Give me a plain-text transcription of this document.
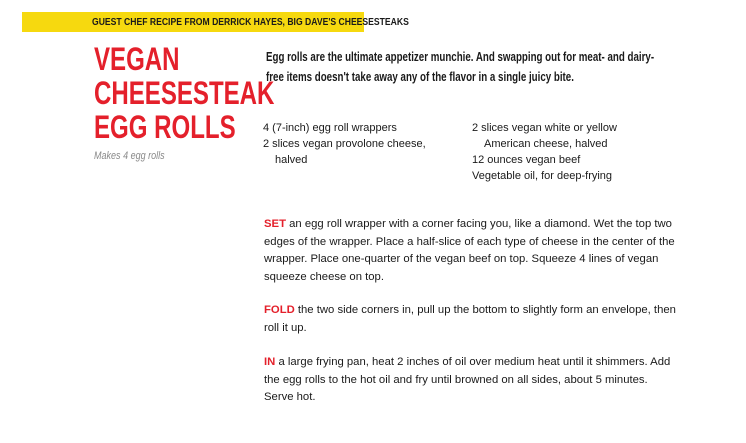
GUEST CHEF RECIPE FROM DERRICK HAYES, BIG DAVE'S CHEESESTEAKS
VEGAN
CHEESESTEAK
EGG ROLLS
Makes 4 egg rolls
Egg rolls are the ultimate appetizer munchie. And swapping out for meat- and dairy-free items doesn't take away any of the flavor in a single juicy bite.
4 (7-inch) egg roll wrappers
2 slices vegan provolone cheese,
halved
2 slices vegan white or yellow
American cheese, halved
12 ounces vegan beef
Vegetable oil, for deep-frying

SET an egg roll wrapper with a corner facing you, like a diamond. Wet the top two edges of the wrapper. Place a half-slice of each type of cheese in the center of the wrapper. Place one-quarter of the vegan beef on top. Squeeze 4 lines of vegan squeeze cheese on top.

FOLD the two side corners in, pull up the bottom to slightly form an envelope, then roll it up.

IN a large frying pan, heat 2 inches of oil over medium heat until it shimmers. Add the egg rolls to the hot oil and fry until browned on all sides, about 5 minutes. Serve hot.
